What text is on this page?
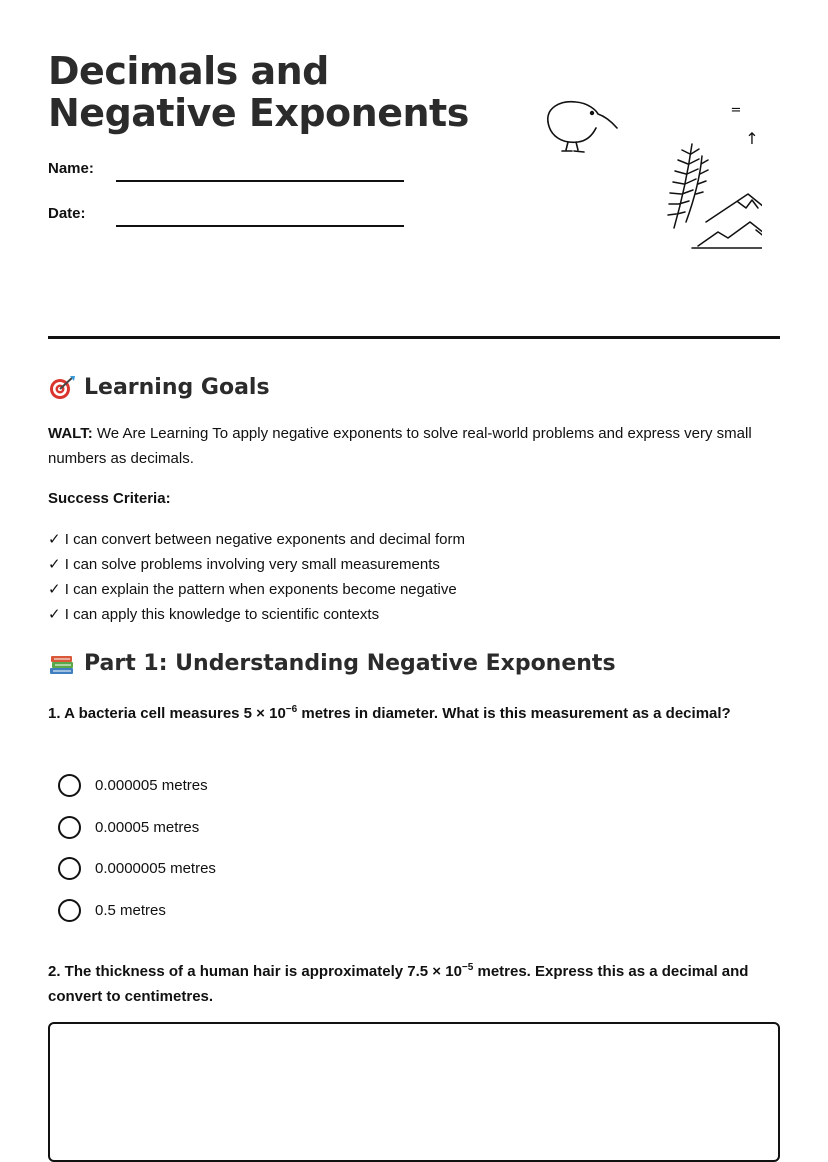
Decimals and Negative Exponents
Name:
Date:
=
↑
Learning Goals

WALT: We Are Learning To apply negative exponents to solve real-world problems and express very small numbers as decimals.

Success Criteria:
✓ I can convert between negative exponents and decimal form
✓ I can solve problems involving very small measurements
✓ I can explain the pattern when exponents become negative
✓ I can apply this knowledge to scientific contexts
Part 1: Understanding Negative Exponents

1. A bacteria cell measures $5 \times 10^{-6}$ metres in diameter. What is this measurement as a decimal?

0.000005 metres
0.00005 metres
0.0000005 metres
0.5 metres

2. The thickness of a human hair is approximately $7.5 \times 10^{-5}$ metres. Express this as a decimal and convert to centimetres.
